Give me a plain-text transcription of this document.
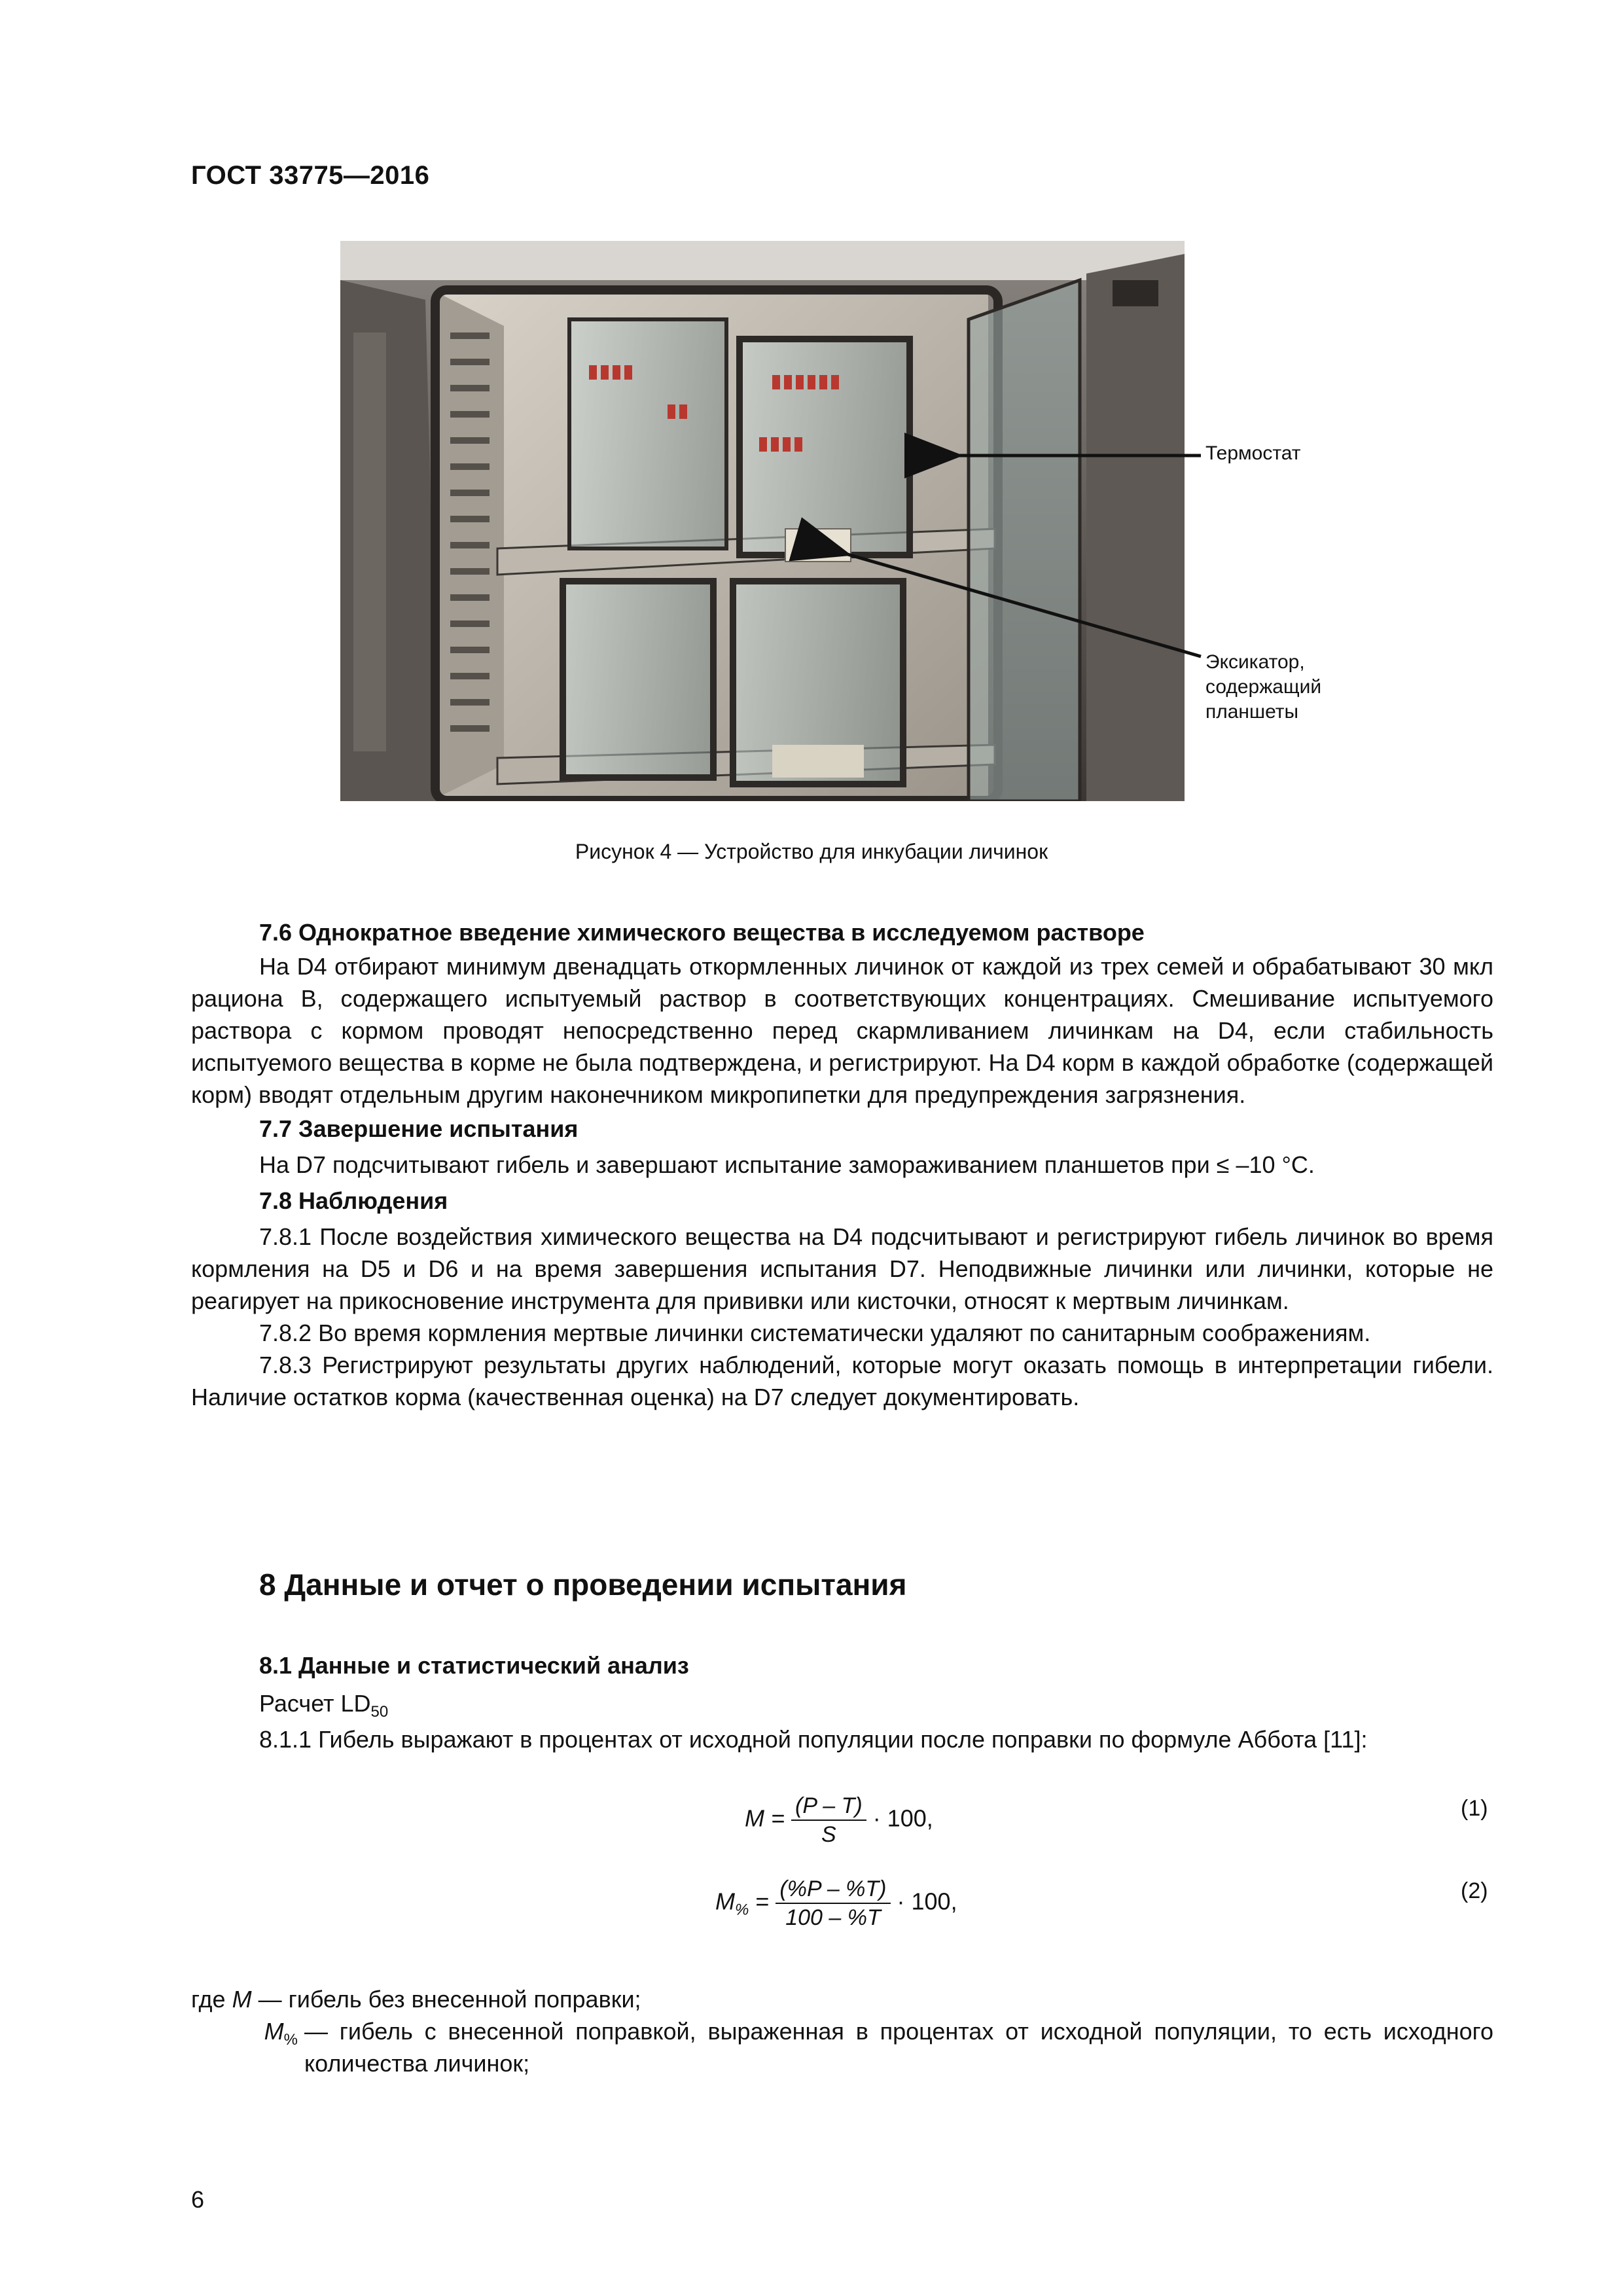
ГОСТ 33775—2016
Термостат
Эксикатор,
содержащий
планшеты
Рисунок 4 — Устройство для инкубации личинок
7.6 Однократное введение химического вещества в исследуемом растворе

На D4 отбирают минимум двенадцать откормленных личинок от каждой из трех семей и обрабатывают 30 мкл рациона B, содержащего испытуемый раствор в соответствующих концентрациях. Смешивание испытуемого раствора с кормом проводят непосредственно перед скармливанием личинкам на D4, если стабильность испытуемого вещества в корме не была подтверждена, и регистрируют. На D4 корм в каждой обработке (содержащей корм) вводят отдельным другим наконечником микропипетки для предупреждения загрязнения.

7.7 Завершение испытания

На D7 подсчитывают гибель и завершают испытание замораживанием планшетов при ≤ –10 °С.

7.8 Наблюдения

7.8.1 После воздействия химического вещества на D4 подсчитывают и регистрируют гибель личинок во время кормления на D5 и D6 и на время завершения испытания D7. Неподвижные личинки или личинки, которые не реагирует на прикосновение инструмента для прививки или кисточки, относят к мертвым личинкам.

7.8.2 Во время кормления мертвые личинки систематически удаляют по санитарным соображениям.

7.8.3 Регистрируют результаты других наблюдений, которые могут оказать помощь в интерпретации гибели. Наличие остатков корма (качественная оценка) на D7 следует документировать.

8 Данные и отчет о проведении испытания
8.1 Данные и статистический анализ
Расчет $LD_{50}$

8.1.1 Гибель выражают в процентах от исходной популяции после поправки по формуле Аббота [11]:

$M = \frac{(P - T)}{S} \cdot 100$,	(1)
$M_{\%} = \frac{(\%P - \%T)}{100 - \%T} \cdot 100$,	(2)
где M — гибель без внесенной поправки;
$M_{\%}$ — гибель с внесенной поправкой, выраженная в процентах от исходной популяции, то есть исходного количества личинок;
6
